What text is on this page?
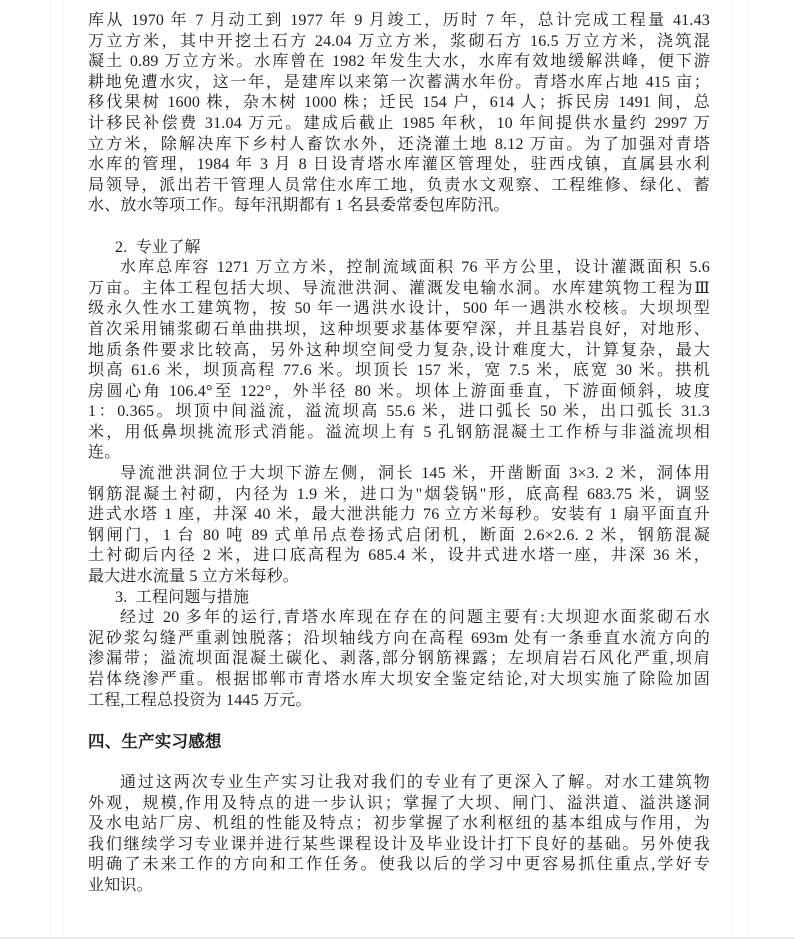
库从 1970 年 7 月动工到 1977 年 9 月竣工，历时 7 年，总计完成工程量 41.43
万立方米，其中开挖土石方 24.04 万立方米，浆砌石方 16.5 万立方米，浇筑混
凝土 0.89 万立方米。水库曾在 1982 年发生大水，水库有效地缓解洪峰，便下游
耕地免遭水灾，这一年，是建库以来第一次蓄满水年份。青塔水库占地 415 亩；
移伐果树 1600 株，杂木树 1000 株；迁民 154 户，614 人；拆民房 1491 间，总
计移民补偿费 31.04 万元。建成后截止 1985 年秋，10 年间提供水量约 2997 万
立方米，除解决库下乡村人畜饮水外，还浇灌土地 8.12 万亩。为了加强对青塔
水库的管理，1984 年 3 月 8 日设青塔水库灌区管理处，驻西戌镇，直属县水利
局领导，派出若干管理人员常住水库工地，负责水文观察、工程维修、绿化、蓄
水、放水等项工作。每年汛期都有 1 名县委常委包库防汛。
2.  专业了解
水库总库容 1271 万立方米，控制流域面积 76 平方公里，设计灌溉面积 5.6
万亩。主体工程包括大坝、导流泄洪洞、灌溉发电输水洞。水库建筑物工程为Ⅲ
级永久性水工建筑物，按 50 年一遇洪水设计，500 年一遇洪水校核。大坝坝型
首次采用铺浆砌石单曲拱坝，这种坝要求基体要窄深，并且基岩良好，对地形、
地质条件要求比较高，另外这种坝空间受力复杂,设计难度大，计算复杂，最大
坝高 61.6 米，坝顶高程 77.6 米。坝顶长 157 米，宽 7.5 米，底宽 30 米。拱机
房圆心角 106.4°至 122°，外半径 80 米。坝体上游面垂直，下游面倾斜，坡度
1：0.365。坝顶中间溢流，溢流坝高 55.6 米，进口弧长 50 米，出口弧长 31.3
米，用低鼻坝挑流形式消能。溢流坝上有 5 孔钢筋混凝土工作桥与非溢流坝相
连。
导流泄洪洞位于大坝下游左侧，洞长 145 米，开凿断面 3×3. 2 米，洞体用
钢筋混凝土衬砌，内径为 1.9 米，进口为"烟袋锅"形，底高程 683.75 米，调竖
进式水塔 1 座，井深 40 米，最大泄洪能力 76 立方米每秒。安装有 1 扇平面直升
钢闸门，1 台 80 吨 89 式单吊点卷扬式启闭机，断面 2.6×2.6. 2 米，钢筋混凝
土衬砌后内径 2 米，进口底高程为 685.4 米，设井式进水塔一座，井深 36 米，
最大进水流量 5 立方米每秒。
3.  工程问题与措施
经过 20 多年的运行,青塔水库现在存在的问题主要有:大坝迎水面浆砌石水
泥砂浆勾缝严重剥蚀脱落；沿坝轴线方向在高程 693m 处有一条垂直水流方向的
渗漏带；溢流坝面混凝土碳化、剥落,部分钢筋裸露；左坝肩岩石风化严重,坝肩
岩体绕渗严重。根据邯郸市青塔水库大坝安全鉴定结论,对大坝实施了除险加固
工程,工程总投资为 1445 万元。
四、生产实习感想
通过这两次专业生产实习让我对我们的专业有了更深入了解。对水工建筑物
外观，规模,作用及特点的进一步认识；掌握了大坝、闸门、溢洪道、溢洪遂洞
及水电站厂房、机组的性能及特点；初步掌握了水利枢纽的基本组成与作用，为
我们继续学习专业课并进行某些课程设计及毕业设计打下良好的基础。另外使我
明确了未来工作的方向和工作任务。使我以后的学习中更容易抓住重点,学好专
业知识。
